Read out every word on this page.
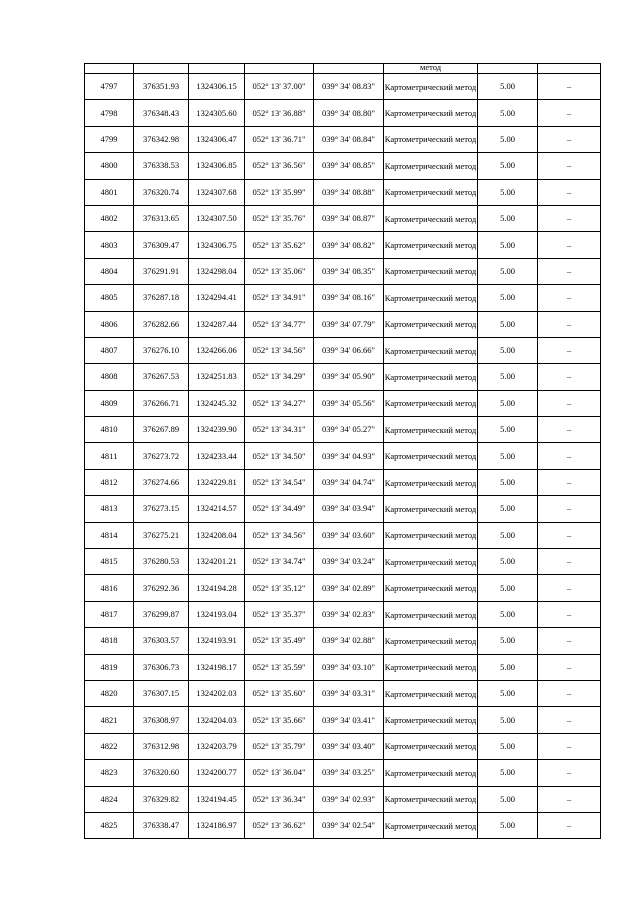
					метод		

4797	376351.93	1324306.15	052° 13' 37.00"	039° 34' 08.83"	Картометрический метод	5.00	–
4798	376348.43	1324305.60	052° 13' 36.88"	039° 34' 08.80"	Картометрический метод	5.00	–
4799	376342.98	1324306.47	052° 13' 36.71"	039° 34' 08.84"	Картометрический метод	5.00	–
4800	376338.53	1324306.85	052° 13' 36.56"	039° 34' 08.85"	Картометрический метод	5.00	–
4801	376320.74	1324307.68	052° 13' 35.99"	039° 34' 08.88"	Картометрический метод	5.00	–
4802	376313.65	1324307.50	052° 13' 35.76"	039° 34' 08.87"	Картометрический метод	5.00	–
4803	376309.47	1324306.75	052° 13' 35.62"	039° 34' 08.82"	Картометрический метод	5.00	–
4804	376291.91	1324298.04	052° 13' 35.06"	039° 34' 08.35"	Картометрический метод	5.00	–
4805	376287.18	1324294.41	052° 13' 34.91"	039° 34' 08.16"	Картометрический метод	5.00	–
4806	376282.66	1324287.44	052° 13' 34.77"	039° 34' 07.79"	Картометрический метод	5.00	–
4807	376276.10	1324266.06	052° 13' 34.56"	039° 34' 06.66"	Картометрический метод	5.00	–
4808	376267.53	1324251.83	052° 13' 34.29"	039° 34' 05.90"	Картометрический метод	5.00	–
4809	376266.71	1324245.32	052° 13' 34.27"	039° 34' 05.56"	Картометрический метод	5.00	–
4810	376267.89	1324239.90	052° 13' 34.31"	039° 34' 05.27"	Картометрический метод	5.00	–
4811	376273.72	1324233.44	052° 13' 34.50"	039° 34' 04.93"	Картометрический метод	5.00	–
4812	376274.66	1324229.81	052° 13' 34.54"	039° 34' 04.74"	Картометрический метод	5.00	–
4813	376273.15	1324214.57	052° 13' 34.49"	039° 34' 03.94"	Картометрический метод	5.00	–
4814	376275.21	1324208.04	052° 13' 34.56"	039° 34' 03.60"	Картометрический метод	5.00	–
4815	376280.53	1324201.21	052° 13' 34.74"	039° 34' 03.24"	Картометрический метод	5.00	–
4816	376292.36	1324194.28	052° 13' 35.12"	039° 34' 02.89"	Картометрический метод	5.00	–
4817	376299.87	1324193.04	052° 13' 35.37"	039° 34' 02.83"	Картометрический метод	5.00	–
4818	376303.57	1324193.91	052° 13' 35.49"	039° 34' 02.88"	Картометрический метод	5.00	–
4819	376306.73	1324198.17	052° 13' 35.59"	039° 34' 03.10"	Картометрический метод	5.00	–
4820	376307.15	1324202.03	052° 13' 35.60"	039° 34' 03.31"	Картометрический метод	5.00	–
4821	376308.97	1324204.03	052° 13' 35.66"	039° 34' 03.41"	Картометрический метод	5.00	–
4822	376312.98	1324203.79	052° 13' 35.79"	039° 34' 03.40"	Картометрический метод	5.00	–
4823	376320.60	1324200.77	052° 13' 36.04"	039° 34' 03.25"	Картометрический метод	5.00	–
4824	376329.82	1324194.45	052° 13' 36.34"	039° 34' 02.93"	Картометрический метод	5.00	–
4825	376338.47	1324186.97	052° 13' 36.62"	039° 34' 02.54"	Картометрический метод	5.00	–
